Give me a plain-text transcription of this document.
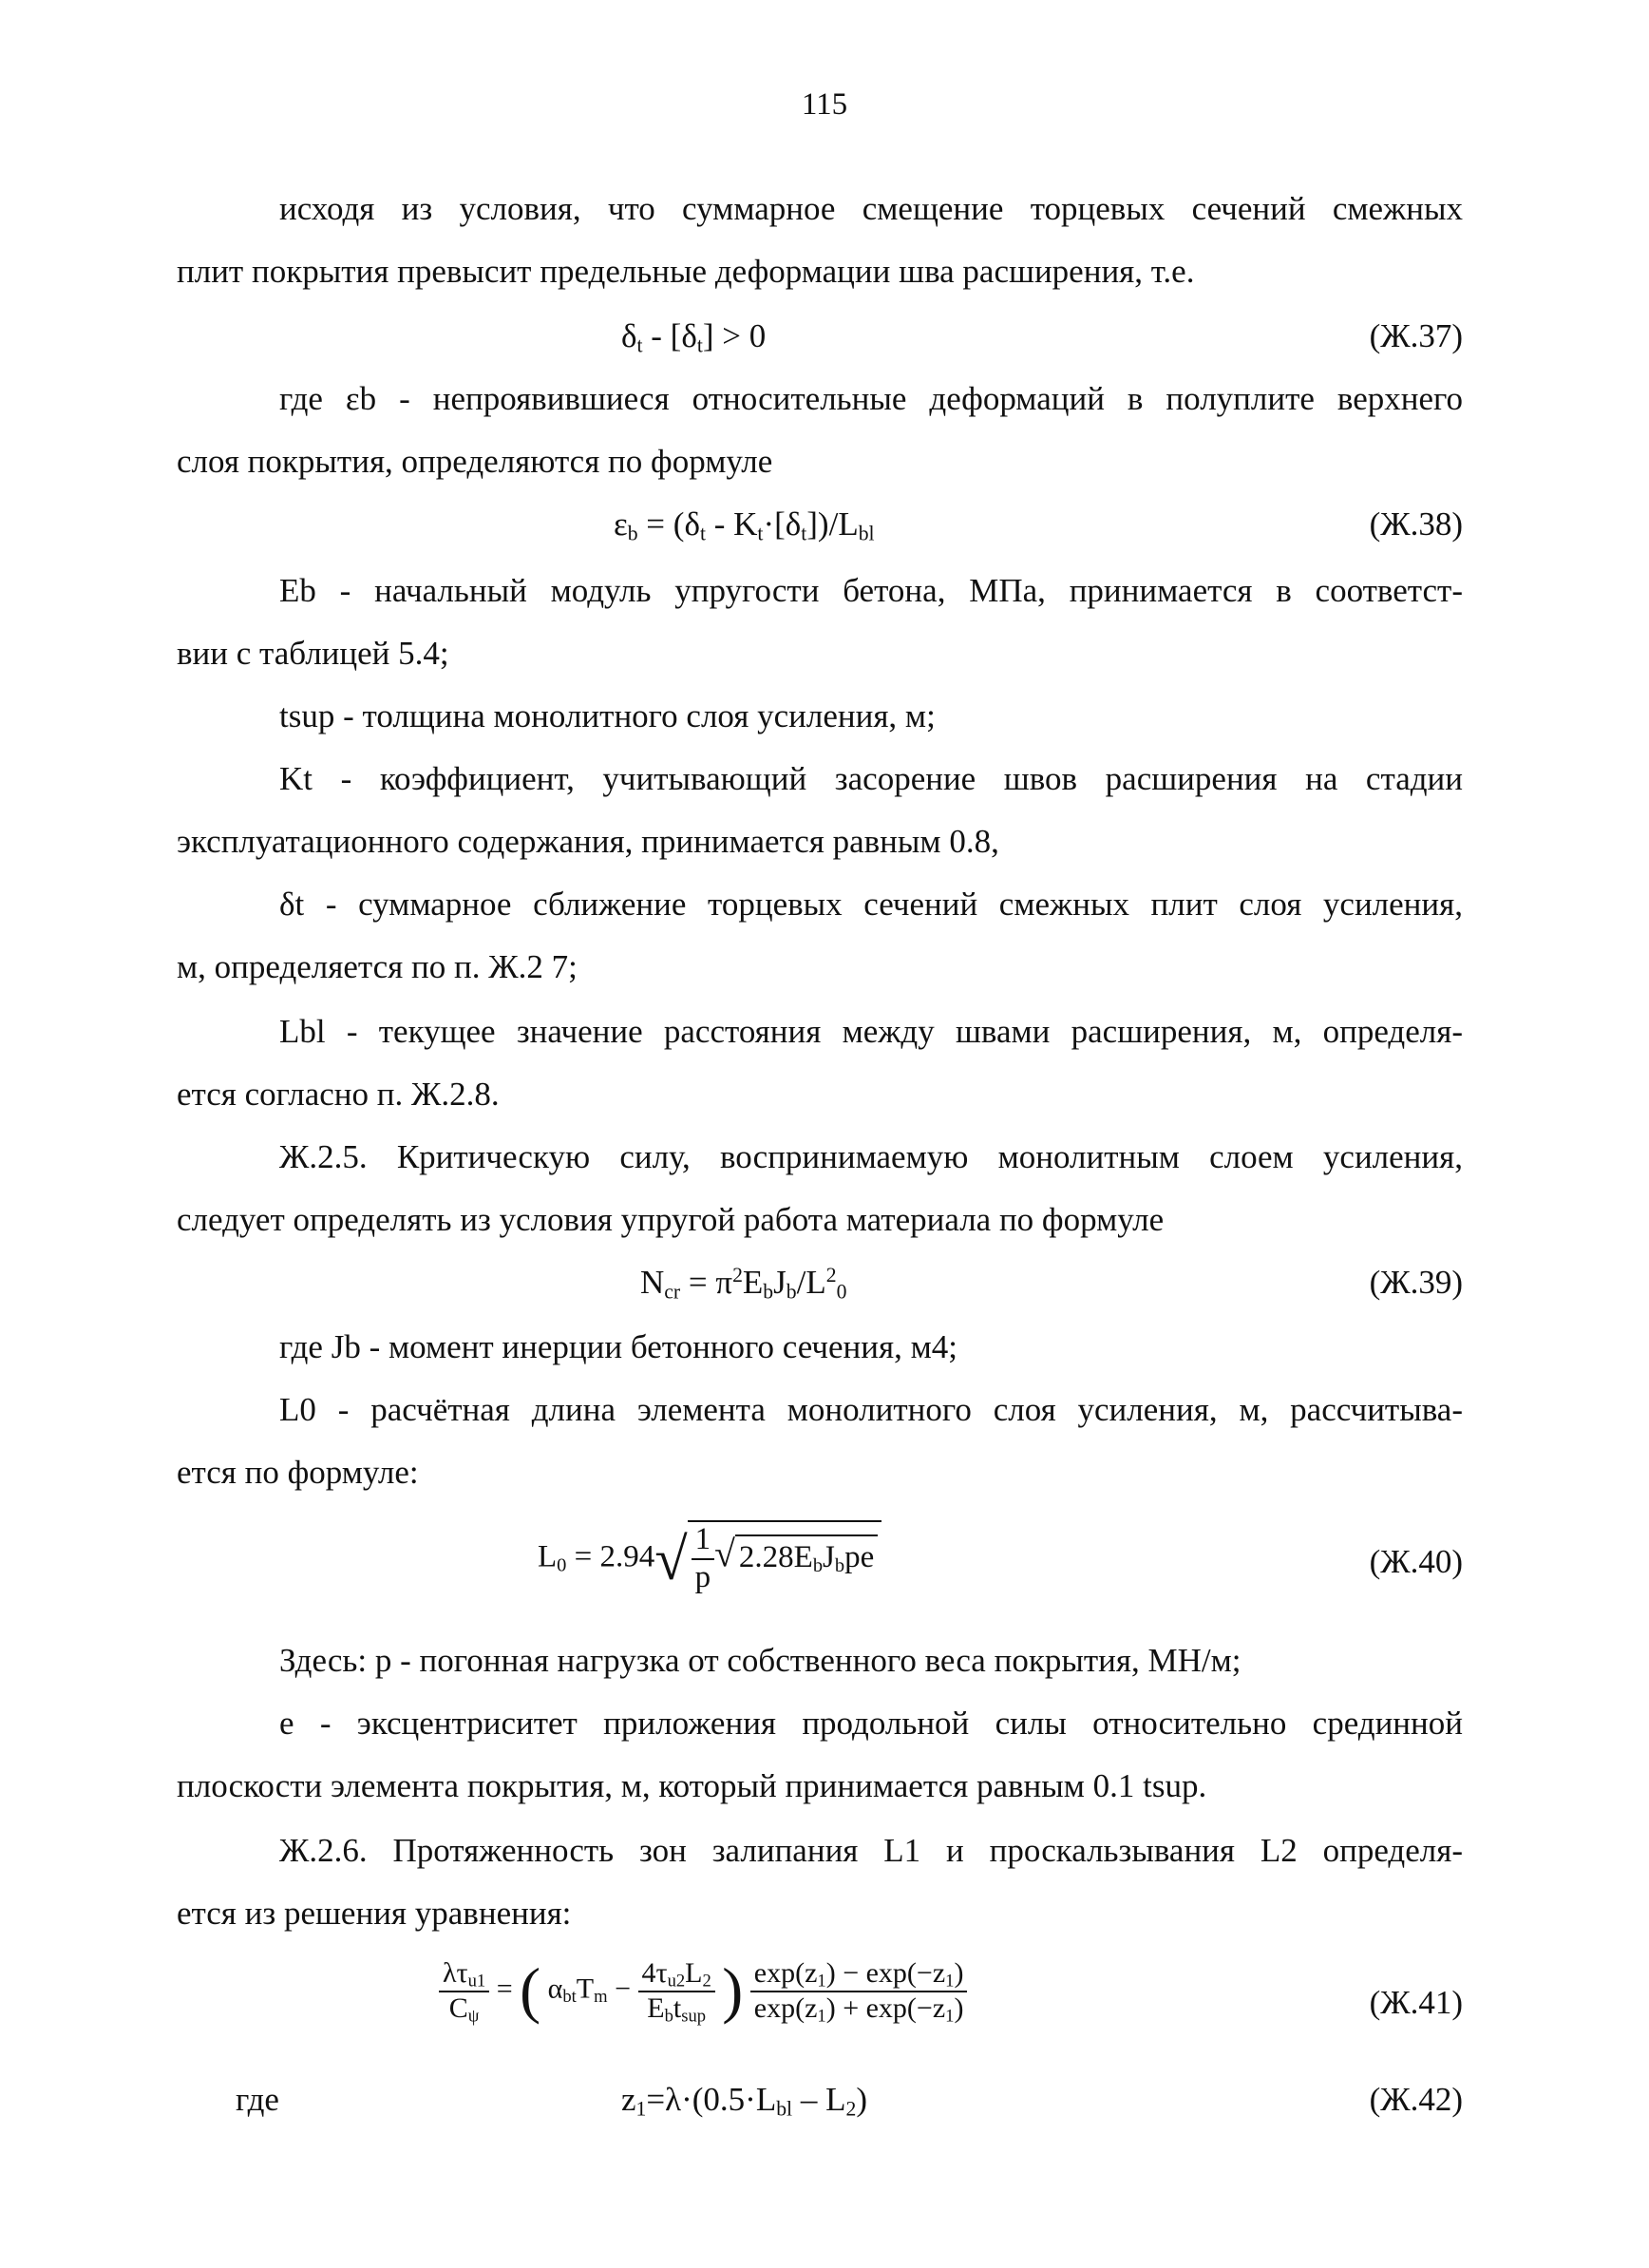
115
исходя из условия, что суммарное смещение торцевых сечений смежных
плит покрытия превысит предельные деформации шва расширения, т.е.
$\delta_t - [\delta_t] > 0$	(Ж.37)
где εb - непроявившиеся относительные деформаций в полуплите верхнего
слоя покрытия, определяются по формуле
$\varepsilon_b = (\delta_t - K_t\cdot[\delta_t])/L_{bl}$	(Ж.38)
Eb - начальный модуль упругости бетона, МПа, принимается в соответст-
вии с таблицей 5.4;
tsup - толщина монолитного слоя усиления, м;
Kt - коэффициент, учитывающий засорение швов расширения на стадии
эксплуатационного содержания, принимается равным 0.8,
δt - суммарное сближение торцевых сечений смежных плит слоя усиления,
м, определяется по п. Ж.2 7;
Lbl - текущее значение расстояния между швами расширения, м, определя-
ется согласно п. Ж.2.8.
Ж.2.5. Критическую силу, воспринимаемую монолитным слоем усиления,
следует определять из условия упругой работа материала по формуле
$N_{cr} = \pi^2E_bJ_b/L^2_0$	(Ж.39)
где Jb - момент инерции бетонного сечения, м4;
L0 - расчётная длина элемента монолитного слоя усиления, м, рассчитыва-
ется по формуле:
$L_0 = 2.94√ \frac{1}{p}$ √ $2.28E_bJ_bpe$	(Ж.40)
Здесь: р - погонная нагрузка от собственного веса покрытия, МН/м;
е - эксцентриситет приложения продольной силы относительно срединной
плоскости элемента покрытия, м, который принимается равным 0.1 tsup.
Ж.2.6. Протяженность зон залипания L1 и проскальзывания L2 определя-
ется из решения уравнения:
$\frac{\lambda\tau_{u1}}{C_\psi}$ = ( $\alpha_{bt}T_m - \frac{4\tau_{u2}L_2}{E_bt_{sup}}$ ) $\frac{\exp(z_1) - \exp(-z_1)}{\exp(z_1) + \exp(-z_1)}$	(Ж.41)
где	$z_1=\lambda\cdot(0.5\cdot L_{bl} - L_2)$	(Ж.42)
